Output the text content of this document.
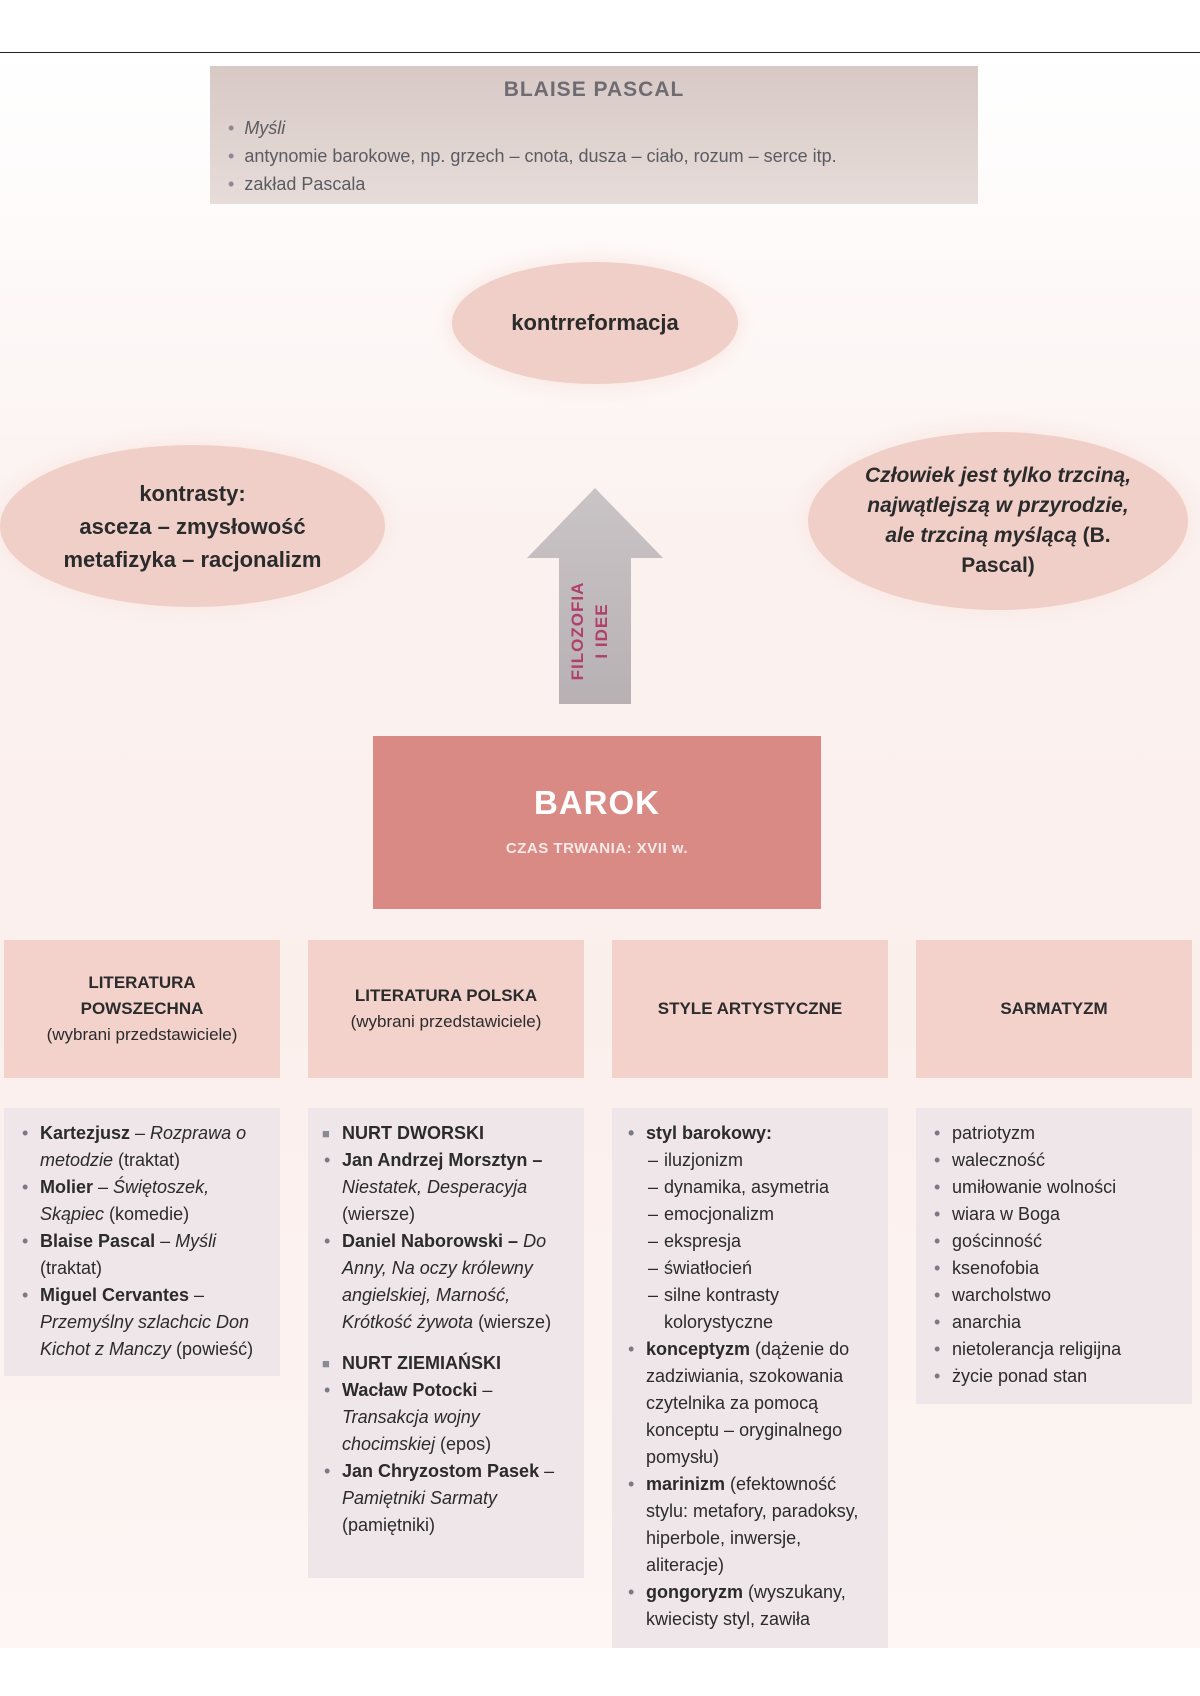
BLAISE PASCAL
• Myśli
• antynomie barokowe, np. grzech – cnota, dusza – ciało, rozum – serce itp.
• zakład Pascala
kontrreformacja
kontrasty:
asceza – zmysłowość
metafizyka – racjonalizm
Człowiek jest tylko trzciną, najwątlejszą w przyrodzie, ale trzciną myślącą (B. Pascal)
FILOZOFIA I IDEE
BAROK
CZAS TRWANIA: XVII w.
LITERATURA
POWSZECHNA
(wybrani przedstawiciele)
LITERATURA POLSKA
(wybrani przedstawiciele)
STYLE ARTYSTYCZNE	SARMATYZM
• Kartezjusz – Rozprawa o metodzie (traktat)
• Molier – Świętoszek, Skąpiec (komedie)
• Blaise Pascal – Myśli (traktat)
• Miguel Cervantes – Przemyślny szlachcic Don Kichot z Manczy (powieść)
■ NURT DWORSKI
• Jan Andrzej Morsztyn – Niestatek, Desperacyja (wiersze)
• Daniel Naborowski – Do Anny, Na oczy królewny angielskiej, Marność, Krótkość żywota (wiersze)
■ NURT ZIEMIAŃSKI
• Wacław Potocki – Transakcja wojny chocimskiej (epos)
• Jan Chryzostom Pasek – Pamiętniki Sarmaty (pamiętniki)
• styl barokowy:
– iluzjonizm
– dynamika, asymetria
– emocjonalizm
– ekspresja
– światłocień
– silne kontrasty kolorystyczne
• konceptyzm (dążenie do zadziwiania, szokowania czytelnika za pomocą konceptu – oryginalnego pomysłu)
• marinizm (efektowność stylu: metafory, paradoksy, hiperbole, inwersje, aliteracje)
• gongoryzm (wyszukany, kwiecisty styl, zawiła
• patriotyzm
• waleczność
• umiłowanie wolności
• wiara w Boga
• gościnność
• ksenofobia
• warcholstwo
• anarchia
• nietolerancja religijna
• życie ponad stan
